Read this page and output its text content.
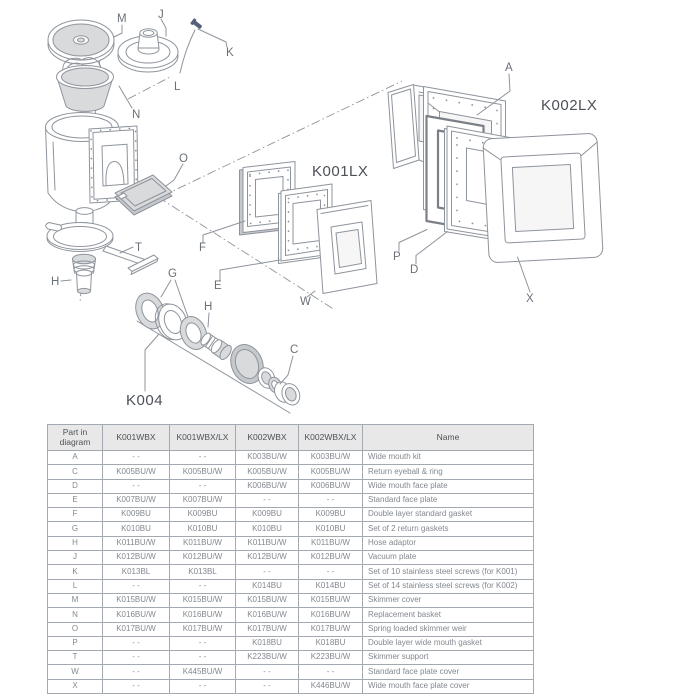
M	J
K
L
N
O
T
H
G
H
C
F
E
W
A
P
D
X
K001LX
K002LX
K004
Part in diagram	K001WBX	K001WBX/LX	K002WBX	K002WBX/LX	Name
A	- -	- -	K003BU/W	K003BU/W	Wide mouth kit
C	K005BU/W	K005BU/W	K005BU/W	K005BU/W	Return eyeball & ring
D	- -	- -	K006BU/W	K006BU/W	Wide mouth face plate
E	K007BU/W	K007BU/W	- -	- -	Standard face plate
F	K009BU	K009BU	K009BU	K009BU	Double layer standard gasket
G	K010BU	K010BU	K010BU	K010BU	Set of 2 return gaskets
H	K011BU/W	K011BU/W	K011BU/W	K011BU/W	Hose adaptor
J	K012BU/W	K012BU/W	K012BU/W	K012BU/W	Vacuum plate
K	K013BL	K013BL	- -	- -	Set of 10 stainless steel screws (for K001)
L	- -	- -	K014BU	K014BU	Set of 14 stainless steel screws (for K002)
M	K015BU/W	K015BU/W	K015BU/W	K015BU/W	Skimmer cover
N	K016BU/W	K016BU/W	K016BU/W	K016BU/W	Replacement basket
O	K017BU/W	K017BU/W	K017BU/W	K017BU/W	Spring loaded skimmer weir
P	- -	- -	K018BU	K018BU	Double layer wide mouth gasket
T	- -	- -	K223BU/W	K223BU/W	Skimmer support
W	- -	K445BU/W	- -	- -	Standard face plate cover
X	- -	- -	- -	K446BU/W	Wide mouth face plate cover
